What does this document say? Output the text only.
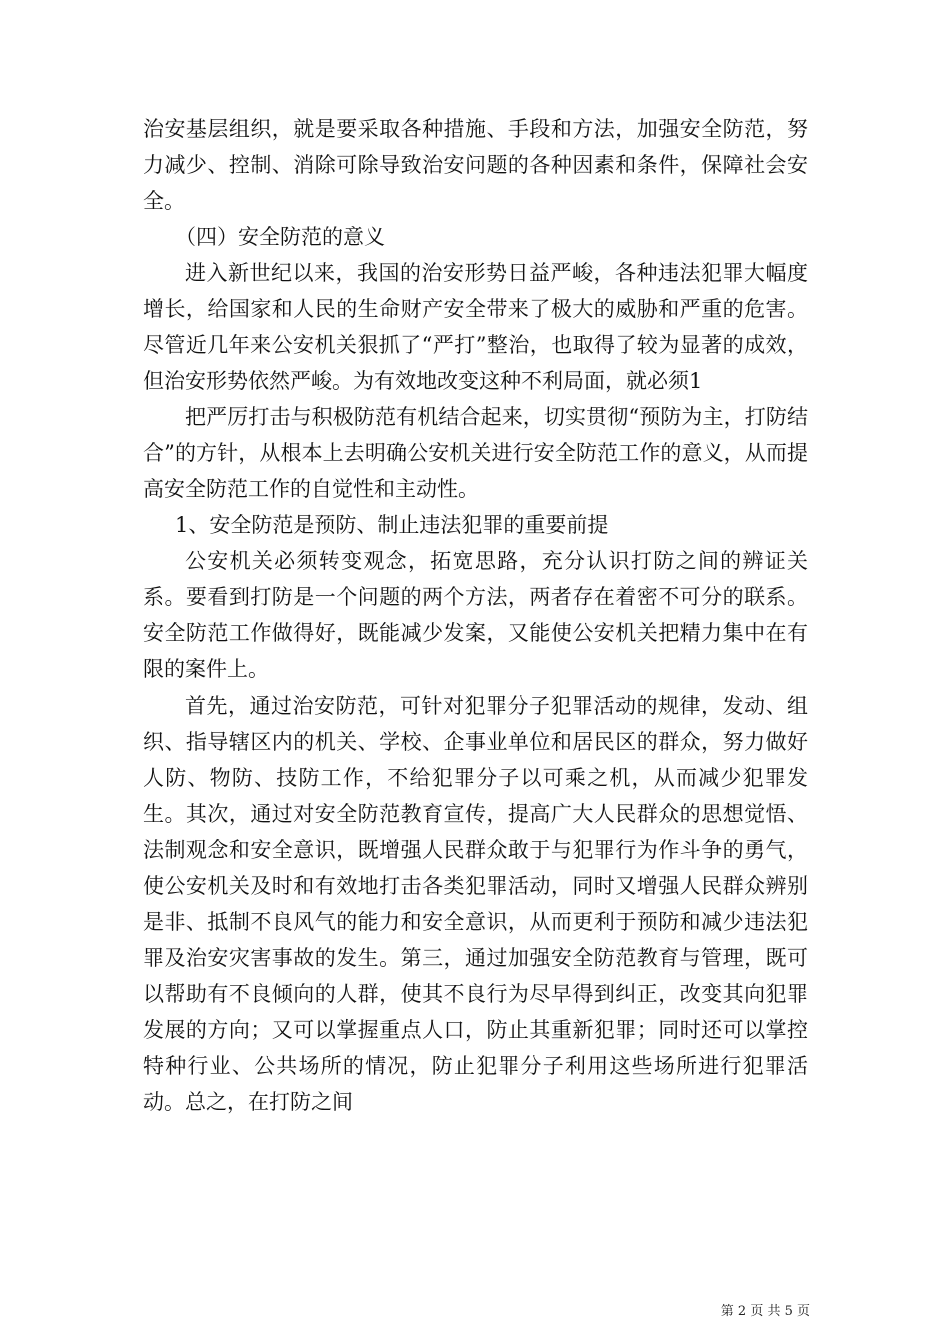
治安基层组织，就是要采取各种措施、手段和方法，加强安全防范，努力减少、控制、消除可除导致治安问题的各种因素和条件，保障社会安全。

（四）安全防范的意义

进入新世纪以来，我国的治安形势日益严峻，各种违法犯罪大幅度增长，给国家和人民的生命财产安全带来了极大的威胁和严重的危害。尽管近几年来公安机关狠抓了“严打”整治，也取得了较为显著的成效，但治安形势依然严峻。为有效地改变这种不利局面，就必须1

把严厉打击与积极防范有机结合起来，切实贯彻“预防为主，打防结合”的方针，从根本上去明确公安机关进行安全防范工作的意义，从而提高安全防范工作的自觉性和主动性。

1、安全防范是预防、制止违法犯罪的重要前提

公安机关必须转变观念，拓宽思路，充分认识打防之间的辨证关系。要看到打防是一个问题的两个方法，两者存在着密不可分的联系。安全防范工作做得好，既能减少发案，又能使公安机关把精力集中在有限的案件上。

首先，通过治安防范，可针对犯罪分子犯罪活动的规律，发动、组织、指导辖区内的机关、学校、企事业单位和居民区的群众，努力做好人防、物防、技防工作，不给犯罪分子以可乘之机，从而减少犯罪发生。其次，通过对安全防范教育宣传，提高广大人民群众的思想觉悟、法制观念和安全意识，既增强人民群众敢于与犯罪行为作斗争的勇气，使公安机关及时和有效地打击各类犯罪活动，同时又增强人民群众辨别是非、抵制不良风气的能力和安全意识，从而更利于预防和减少违法犯罪及治安灾害事故的发生。第三，通过加强安全防范教育与管理，既可以帮助有不良倾向的人群，使其不良行为尽早得到纠正，改变其向犯罪发展的方向；又可以掌握重点人口，防止其重新犯罪；同时还可以掌控特种行业、公共场所的情况，防止犯罪分子利用这些场所进行犯罪活动。总之，在打防之间

第 2 页 共 5 页
